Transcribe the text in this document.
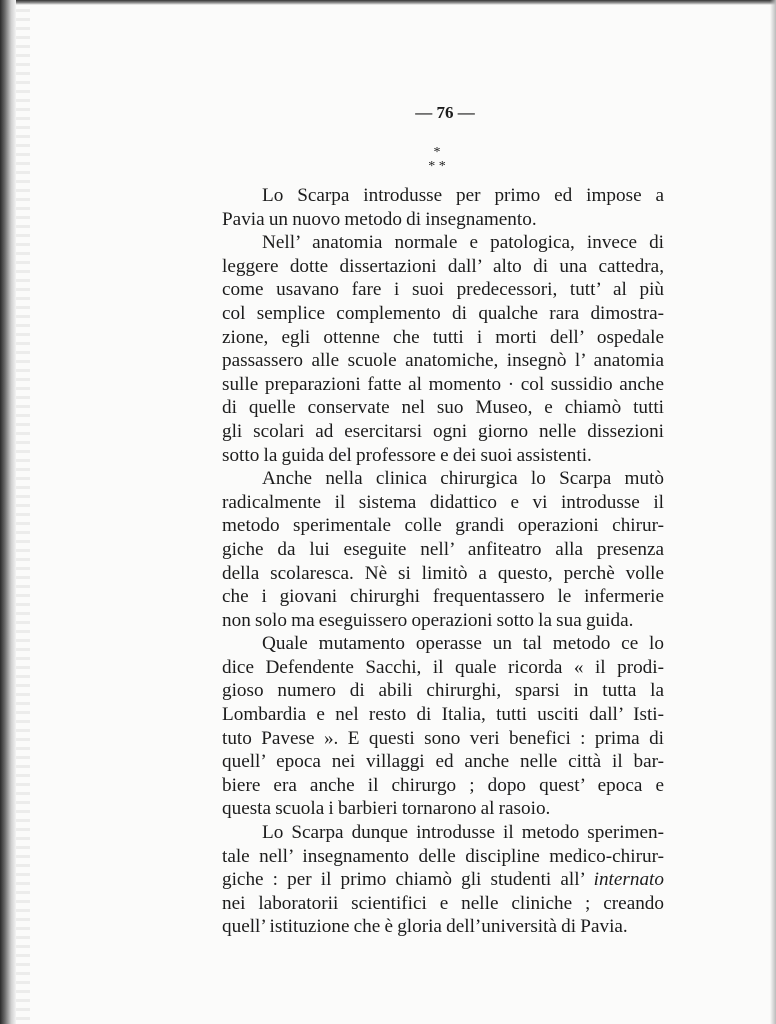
— 76 —
*
* *
Lo Scarpa introdusse per primo ed impose a
Pavia un nuovo metodo di insegnamento.
Nell’ anatomia normale e patologica, invece di
leggere dotte dissertazioni dall’ alto di una cattedra,
come usavano fare i suoi predecessori, tutt’ al più
col semplice complemento di qualche rara dimostra-
zione, egli ottenne che tutti i morti dell’ ospedale
passassero alle scuole anatomiche, insegnò l’ anatomia
sulle preparazioni fatte al momento · col sussidio anche
di quelle conservate nel suo Museo, e chiamò tutti
gli scolari ad esercitarsi ogni giorno nelle dissezioni
sotto la guida del professore e dei suoi assistenti.
Anche nella clinica chirurgica lo Scarpa mutò
radicalmente il sistema didattico e vi introdusse il
metodo sperimentale colle grandi operazioni chirur-
giche da lui eseguite nell’ anfiteatro alla presenza
della scolaresca. Nè si limitò a questo, perchè volle
che i giovani chirurghi frequentassero le infermerie
non solo ma eseguissero operazioni sotto la sua guida.
Quale mutamento operasse un tal metodo ce lo
dice Defendente Sacchi, il quale ricorda « il prodi-
gioso numero di abili chirurghi, sparsi in tutta la
Lombardia e nel resto di Italia, tutti usciti dall’ Isti-
tuto Pavese ». E questi sono veri benefici : prima di
quell’ epoca nei villaggi ed anche nelle città il bar-
biere era anche il chirurgo ; dopo quest’ epoca e
questa scuola i barbieri tornarono al rasoio.
Lo Scarpa dunque introdusse il metodo sperimen-
tale nell’ insegnamento delle discipline medico-chirur-
giche : per il primo chiamò gli studenti all’ internato
nei laboratorii scientifici e nelle cliniche ; creando
quell’ istituzione che è gloria dell’università di Pavia.
